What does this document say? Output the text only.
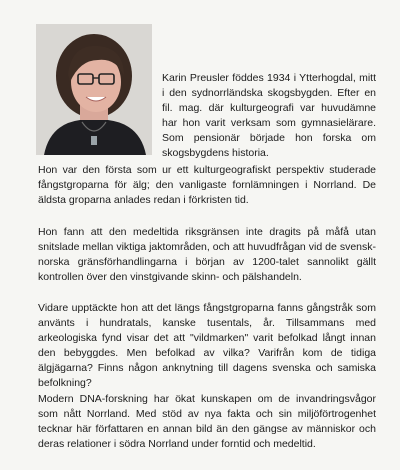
Karin Preusler föddes 1934 i Ytterhogdal, mitt i den sydnorrländska skogsbygden. Efter en fil. mag. där kulturgeografi var huvudämne har hon varit verksam som gymnasielärare. Som pensionär började hon forska om skogsbygdens historia.

Hon var den första som ur ett kulturgeografiskt perspektiv studerade fångstgroparna för älg; den vanligaste fornlämningen i Norrland. De äldsta groparna anlades redan i förkristen tid.

Hon fann att den medeltida riksgränsen inte dragits på måfå utan snitslade mellan viktiga jaktområden, och att huvudfrågan vid de svensk-norska gränsförhandlingarna i början av 1200-talet sannolikt gällt kontrollen över den vinstgivande skinn- och pälshandeln.

Vidare upptäckte hon att det längs fångstgroparna fanns gångstråk som använts i hundratals, kanske tusentals, år. Tillsammans med arkeologiska fynd visar det att "vildmarken" varit befolkad långt innan den bebyggdes. Men befolkad av vilka? Varifrån kom de tidiga älgjägarna? Finns någon anknytning till dagens svenska och samiska befolkning?

Modern DNA-forskning har ökat kunskapen om de invandringsvågor som nått Norrland. Med stöd av nya fakta och sin miljöförtrogenhet tecknar här författaren en annan bild än den gängse av människor och deras relationer i södra Norrland under forntid och medeltid.
